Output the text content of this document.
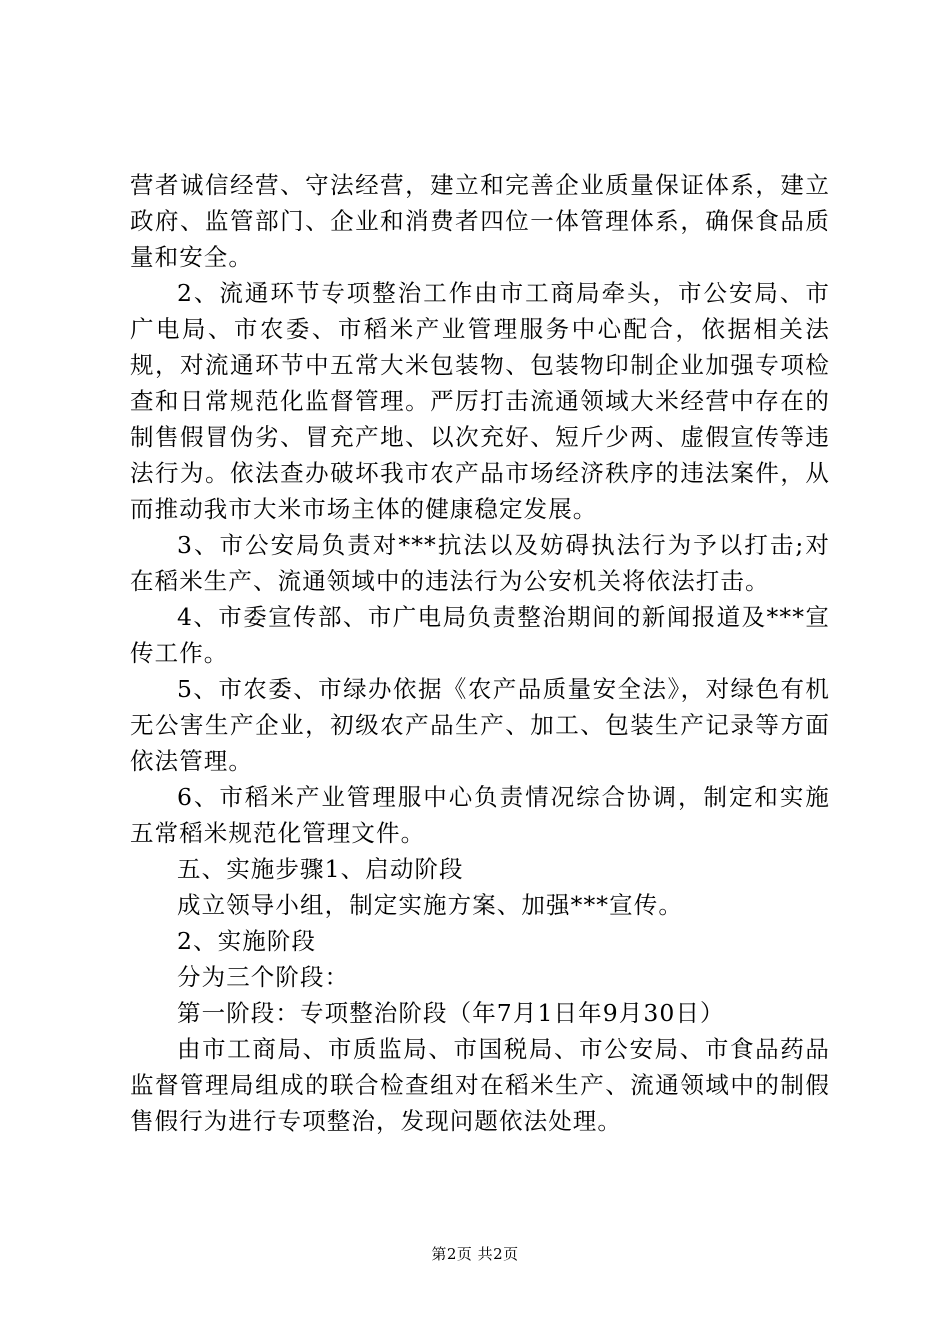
营者诚信经营、守法经营，建立和完善企业质量保证体系，建立政府、监管部门、企业和消费者四位一体管理体系，确保食品质量和安全。

2、流通环节专项整治工作由市工商局牵头，市公安局、市广电局、市农委、市稻米产业管理服务中心配合，依据相关法规，对流通环节中五常大米包装物、包装物印制企业加强专项检查和日常规范化监督管理。严厉打击流通领域大米经营中存在的制售假冒伪劣、冒充产地、以次充好、短斤少两、虚假宣传等违法行为。依法查办破坏我市农产品市场经济秩序的违法案件，从而推动我市大米市场主体的健康稳定发展。

3、市公安局负责对***抗法以及妨碍执法行为予以打击;对在稻米生产、流通领域中的违法行为公安机关将依法打击。

4、市委宣传部、市广电局负责整治期间的新闻报道及***宣传工作。

5、市农委、市绿办依据《农产品质量安全法》，对绿色有机无公害生产企业，初级农产品生产、加工、包装生产记录等方面依法管理。

6、市稻米产业管理服中心负责情况综合协调，制定和实施五常稻米规范化管理文件。

五、实施步骤1、启动阶段

成立领导小组，制定实施方案、加强***宣传。

2、实施阶段

分为三个阶段：

第一阶段：专项整治阶段（年7月1日年9月30日）

由市工商局、市质监局、市国税局、市公安局、市食品药品监督管理局组成的联合检查组对在稻米生产、流通领域中的制假售假行为进行专项整治，发现问题依法处理。

第2页 共2页
